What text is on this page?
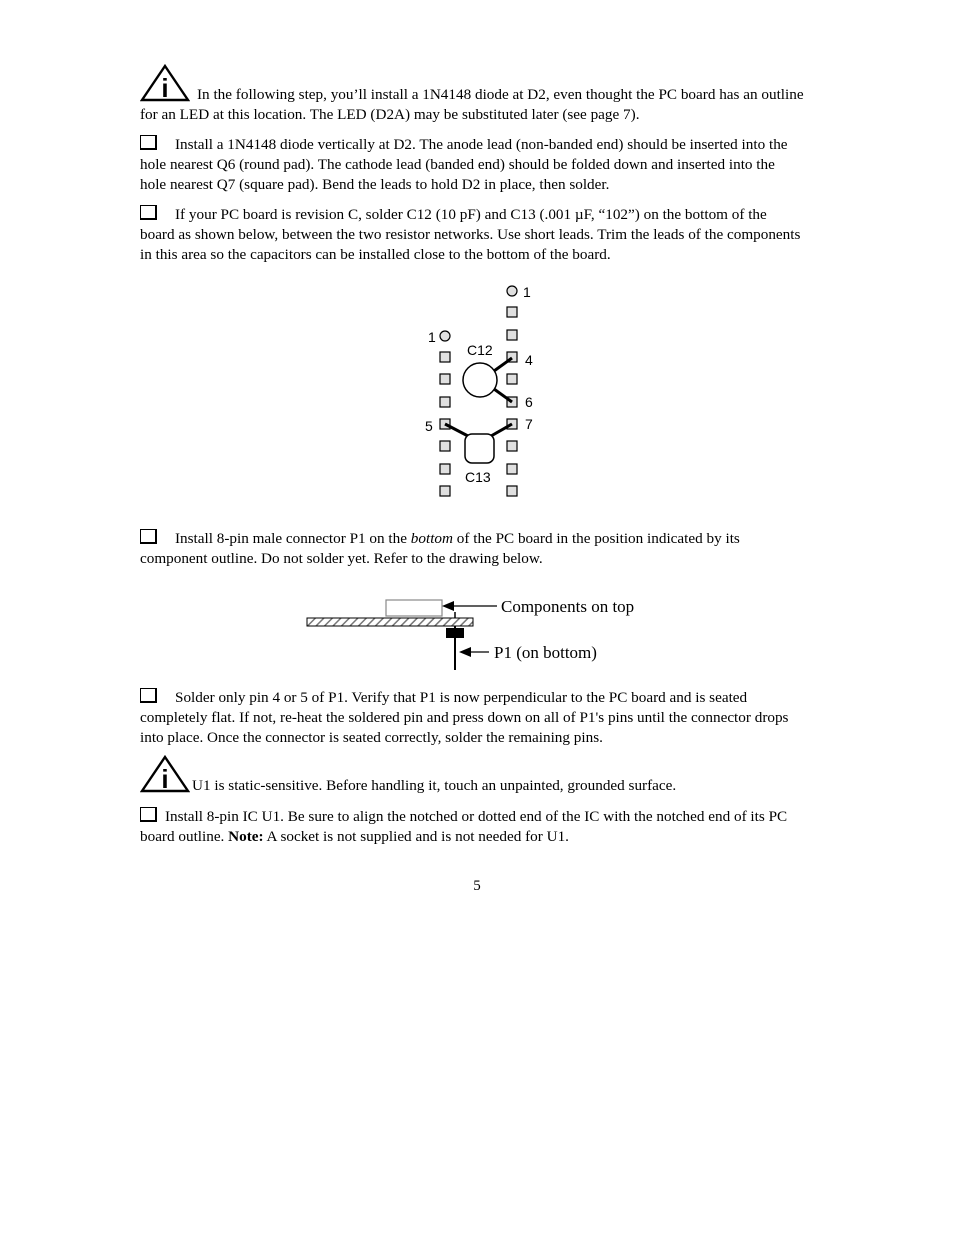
i	In the following step, you’ll install a 1N4148 diode at D2, even thought the PC board has an outline for an LED at this location. The LED (D2A) may be substituted later (see page 7).
Install a 1N4148 diode vertically at D2. The anode lead (non-banded end) should be inserted into the hole nearest Q6 (round pad). The cathode lead (banded end) should be folded down and inserted into the hole nearest Q7 (square pad). Bend the leads to hold D2 in place, then solder.
If your PC board is revision C, solder C12 (10 pF) and C13 (.001 µF, “102”) on the bottom of the board as shown below, between the two resistor networks. Use short leads. Trim the leads of the components in this area so the capacitors can be installed close to the bottom of the board.
1
1
C12
4
6
5	7
C13
Install 8-pin male connector P1 on the bottom of the PC board in the position indicated by its component outline. Do not solder yet. Refer to the drawing below.
Components on top
P1 (on bottom)
Solder only pin 4 or 5 of P1. Verify that P1 is now perpendicular to the PC board and is seated completely flat. If not, re-heat the soldered pin and press down on all of P1's pins until the connector drops into place. Once the connector is seated correctly, solder the remaining pins.
i	U1 is static-sensitive. Before handling it, touch an unpainted, grounded surface.
Install 8-pin IC U1. Be sure to align the notched or dotted end of the IC with the notched end of its PC board outline. Note: A socket is not supplied and is not needed for U1.
5
